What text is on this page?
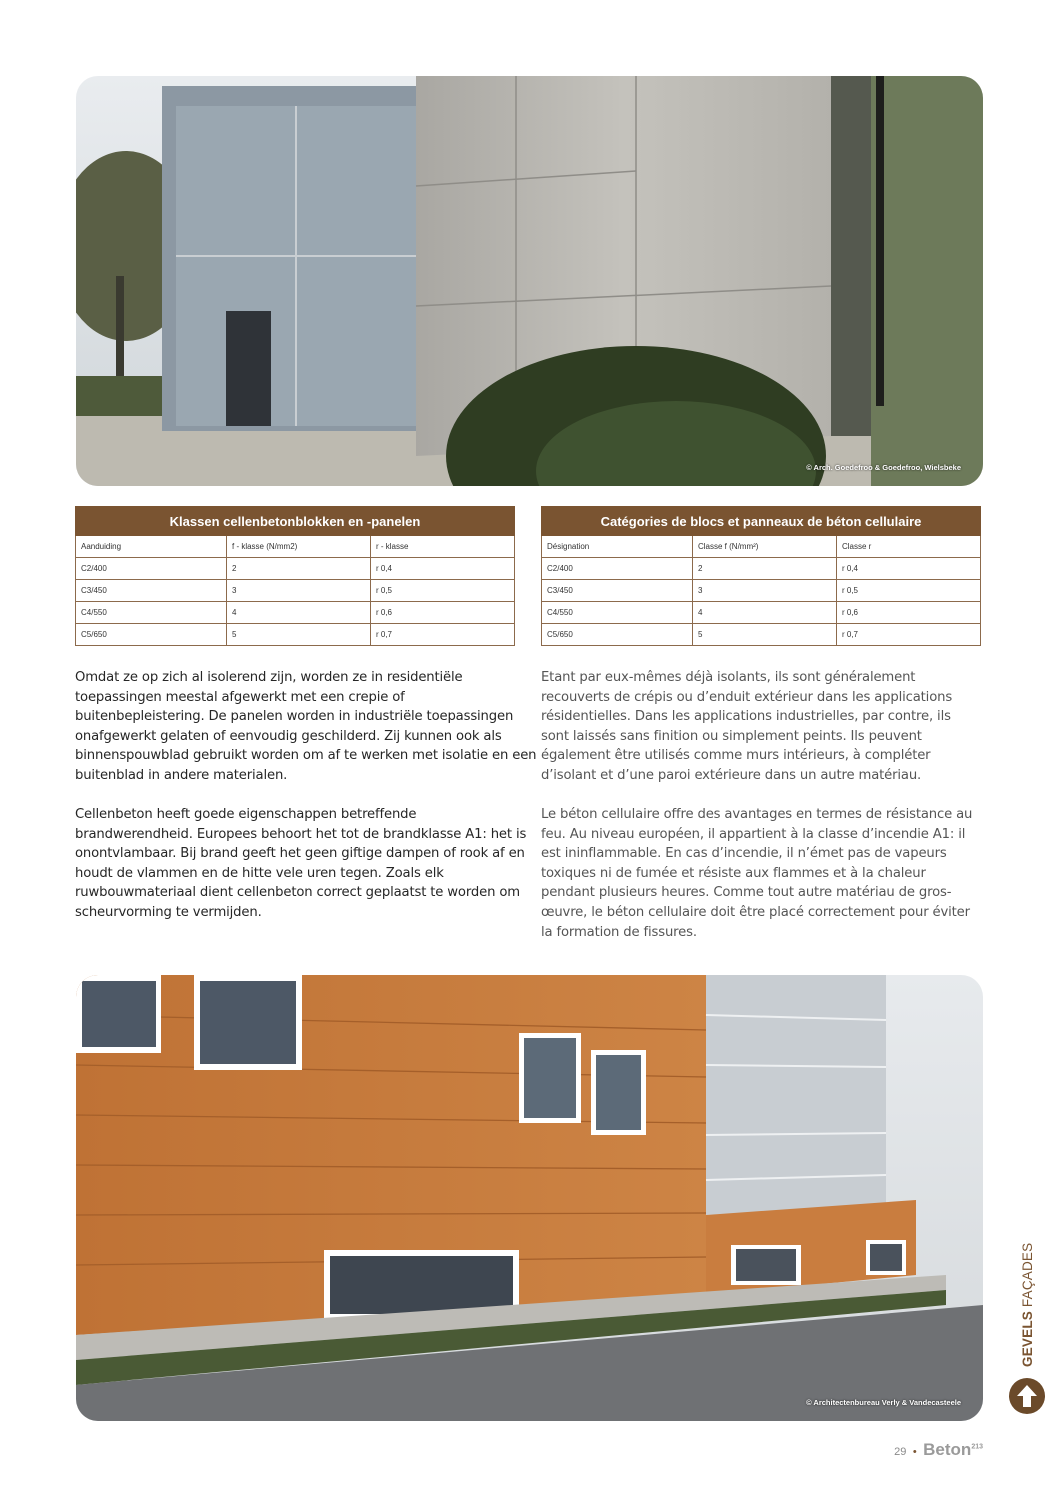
© Arch. Goedefroo & Goedefroo, Wielsbeke
Klassen cellenbetonblokken en -panelen		
Aanduiding	f - klasse (N/mm2)	r - klasse
C2/400	2	r 0,4
C3/450	3	r 0,5
C4/550	4	r 0,6
C5/650	5	r 0,7
Catégories de blocs et panneaux de béton cellulaire		
Désignation	Classe f (N/mm²)	Classe r
C2/400	2	r 0,4
C3/450	3	r 0,5
C4/550	4	r 0,6
C5/650	5	r 0,7

Omdat ze op zich al isolerend zijn, worden ze in residentiële toepassingen meestal afgewerkt met een crepie of buitenbepleistering. De panelen worden in industriële toepassingen onafgewerkt gelaten of eenvoudig geschilderd. Zij kunnen ook als binnenspouwblad gebruikt worden om af te werken met isolatie en een buitenblad in andere materialen.

Cellenbeton heeft goede eigenschappen betreffende brandwerendheid. Europees behoort het tot de brandklasse A1: het is onontvlambaar. Bij brand geeft het geen giftige dampen of rook af en houdt de vlammen en de hitte vele uren tegen. Zoals elk ruwbouwmateriaal dient cellenbeton correct geplaatst te worden om scheurvorming te vermijden.

Etant par eux-mêmes déjà isolants, ils sont généralement recouverts de crépis ou d’enduit extérieur dans les applications résidentielles. Dans les applications industrielles, par contre, ils sont laissés sans finition ou simplement peints. Ils peuvent également être utilisés comme murs intérieurs, à compléter d’isolant et d’une paroi extérieure dans un autre matériau.

Le béton cellulaire offre des avantages en termes de résistance au feu. Au niveau européen, il appartient à la classe d’incendie A1: il est ininflammable. En cas d’incendie, il n’émet pas de vapeurs toxiques ni de fumée et résiste aux flammes et à la chaleur pendant plusieurs heures. Comme tout autre matériau de gros-œuvre, le béton cellulaire doit être placé correctement pour éviter la formation de fissures.

© Architectenbureau Verly & Vandecasteele
GEVELS FAÇADES
29 • Beton$^{213}$
